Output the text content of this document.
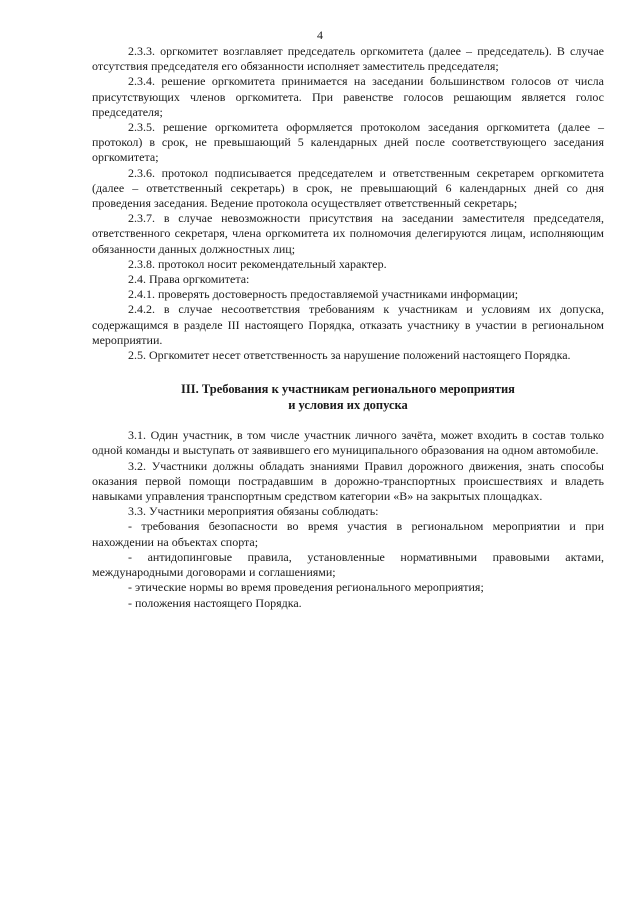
4

2.3.3. оргкомитет возглавляет председатель оргкомитета (далее – председатель). В случае отсутствия председателя его обязанности исполняет заместитель председателя;

2.3.4. решение оргкомитета принимается на заседании большинством голосов от числа присутствующих членов оргкомитета. При равенстве голосов решающим является голос председателя;

2.3.5. решение оргкомитета оформляется протоколом заседания оргкомитета (далее – протокол) в срок, не превышающий 5 календарных дней после соответствующего заседания оргкомитета;

2.3.6. протокол подписывается председателем и ответственным секретарем оргкомитета (далее – ответственный секретарь) в срок, не превышающий 6 календарных дней со дня проведения заседания. Ведение протокола осуществляет ответственный секретарь;

2.3.7. в случае невозможности присутствия на заседании заместителя председателя, ответственного секретаря, члена оргкомитета их полномочия делегируются лицам, исполняющим обязанности данных должностных лиц;

2.3.8. протокол носит рекомендательный характер.

2.4. Права оргкомитета:

2.4.1. проверять достоверность предоставляемой участниками информации;

2.4.2. в случае несоответствия требованиям к участникам и условиям их допуска, содержащимся в разделе III настоящего Порядка, отказать участнику в участии в региональном мероприятии.

2.5. Оргкомитет несет ответственность за нарушение положений настоящего Порядка.

III. Требования к участникам регионального мероприятия
и условия их допуска

3.1. Один участник, в том числе участник личного зачёта, может входить в состав только одной команды и выступать от заявившего его муниципального образования на одном автомобиле.

3.2. Участники должны обладать знаниями Правил дорожного движения, знать способы оказания первой помощи пострадавшим в дорожно-транспортных происшествиях и владеть навыками управления транспортным средством категории «В» на закрытых площадках.

3.3. Участники мероприятия обязаны соблюдать:

- требования безопасности во время участия в региональном мероприятии и при нахождении на объектах спорта;

- антидопинговые правила, установленные нормативными правовыми актами, международными договорами и соглашениями;

- этические нормы во время проведения регионального мероприятия;

- положения настоящего Порядка.
